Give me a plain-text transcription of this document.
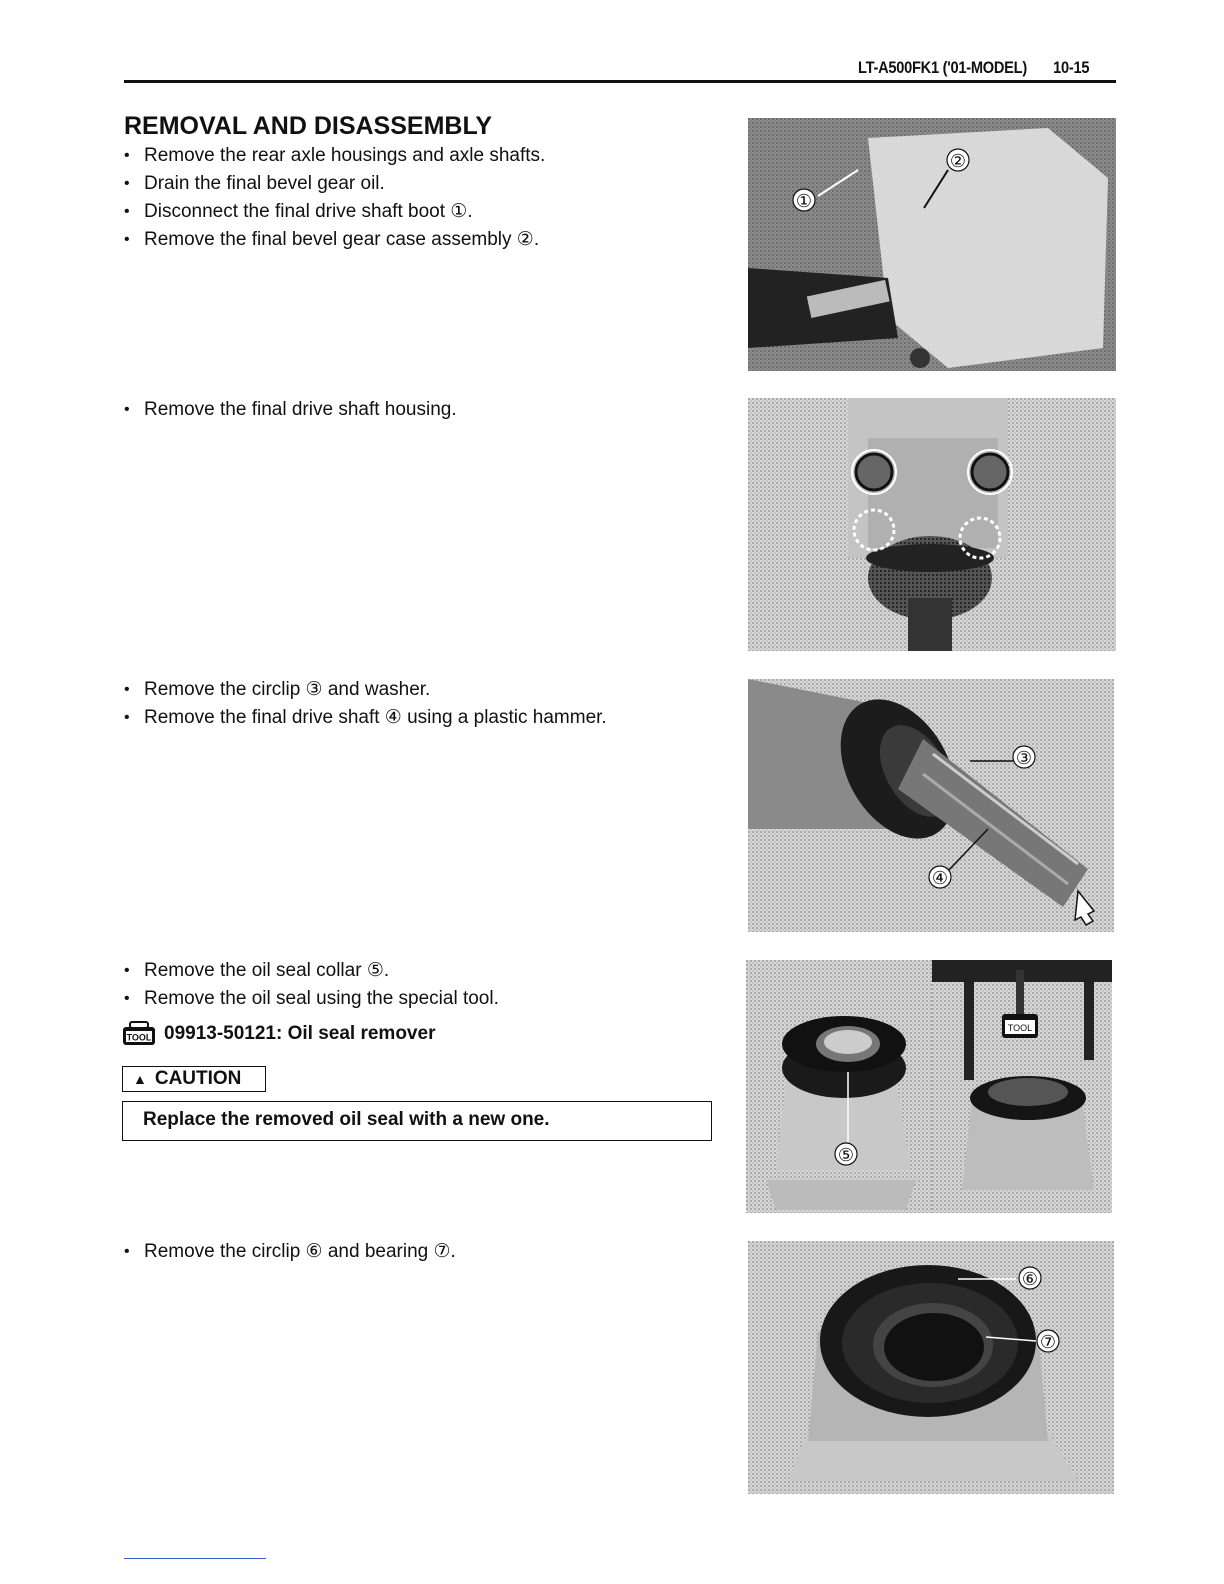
LT-A500FK1 ('01-MODEL) 10-15
REMOVAL AND DISASSEMBLY
• Remove the rear axle housings and axle shafts.
• Drain the final bevel gear oil.
• Disconnect the final drive shaft boot ①.
• Remove the final bevel gear case assembly ②.
• Remove the final drive shaft housing.
• Remove the circlip ③ and washer.
• Remove the final drive shaft ④ using a plastic hammer.
• Remove the oil seal collar ⑤.
• Remove the oil seal using the special tool.
TOOL 09913-50121: Oil seal remover
▲ CAUTION
Replace the removed oil seal with a new one.
• Remove the circlip ⑥ and bearing ⑦.
①
②
③
④
⑤
TOOL
⑥
⑦
